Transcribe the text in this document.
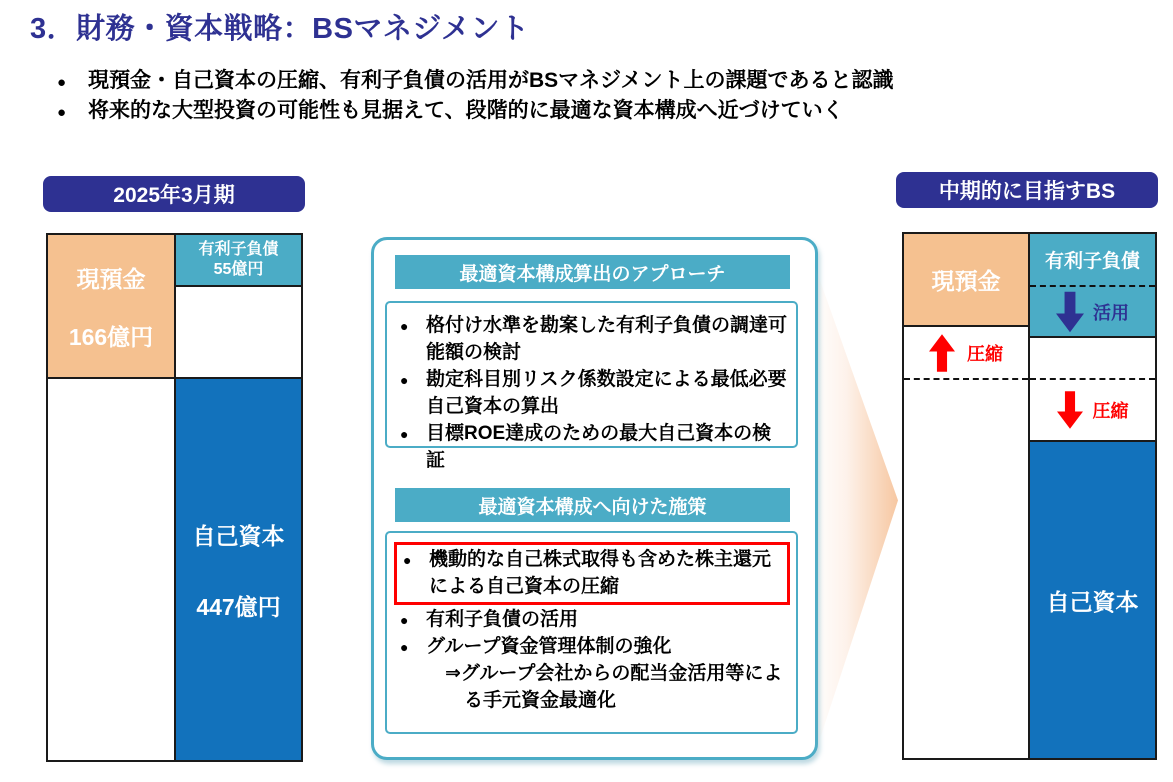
3．財務・資本戦略：BSマネジメント
● 現預金・自己資本の圧縮、有利子負債の活用がBSマネジメント上の課題であると認識
● 将来的な大型投資の可能性も見据えて、段階的に最適な資本構成へ近づけていく
2025年3月期
現預金
166億円
有利子負債
55億円
自己資本
447億円
最適資本構成算出のアプローチ
● 格付け水準を勘案した有利子負債の調達可能額の検討
● 勘定科目別リスク係数設定による最低必要自己資本の算出
● 目標ROE達成のための最大自己資本の検証
最適資本構成へ向けた施策
● 機動的な自己株式取得も含めた株主還元による自己資本の圧縮
● 有利子負債の活用
● グループ資金管理体制の強化
⇒グループ会社からの配当金活用等による手元資金最適化
中期的に目指すBS
現預金
圧縮
有利子負債
活用
圧縮
自己資本
